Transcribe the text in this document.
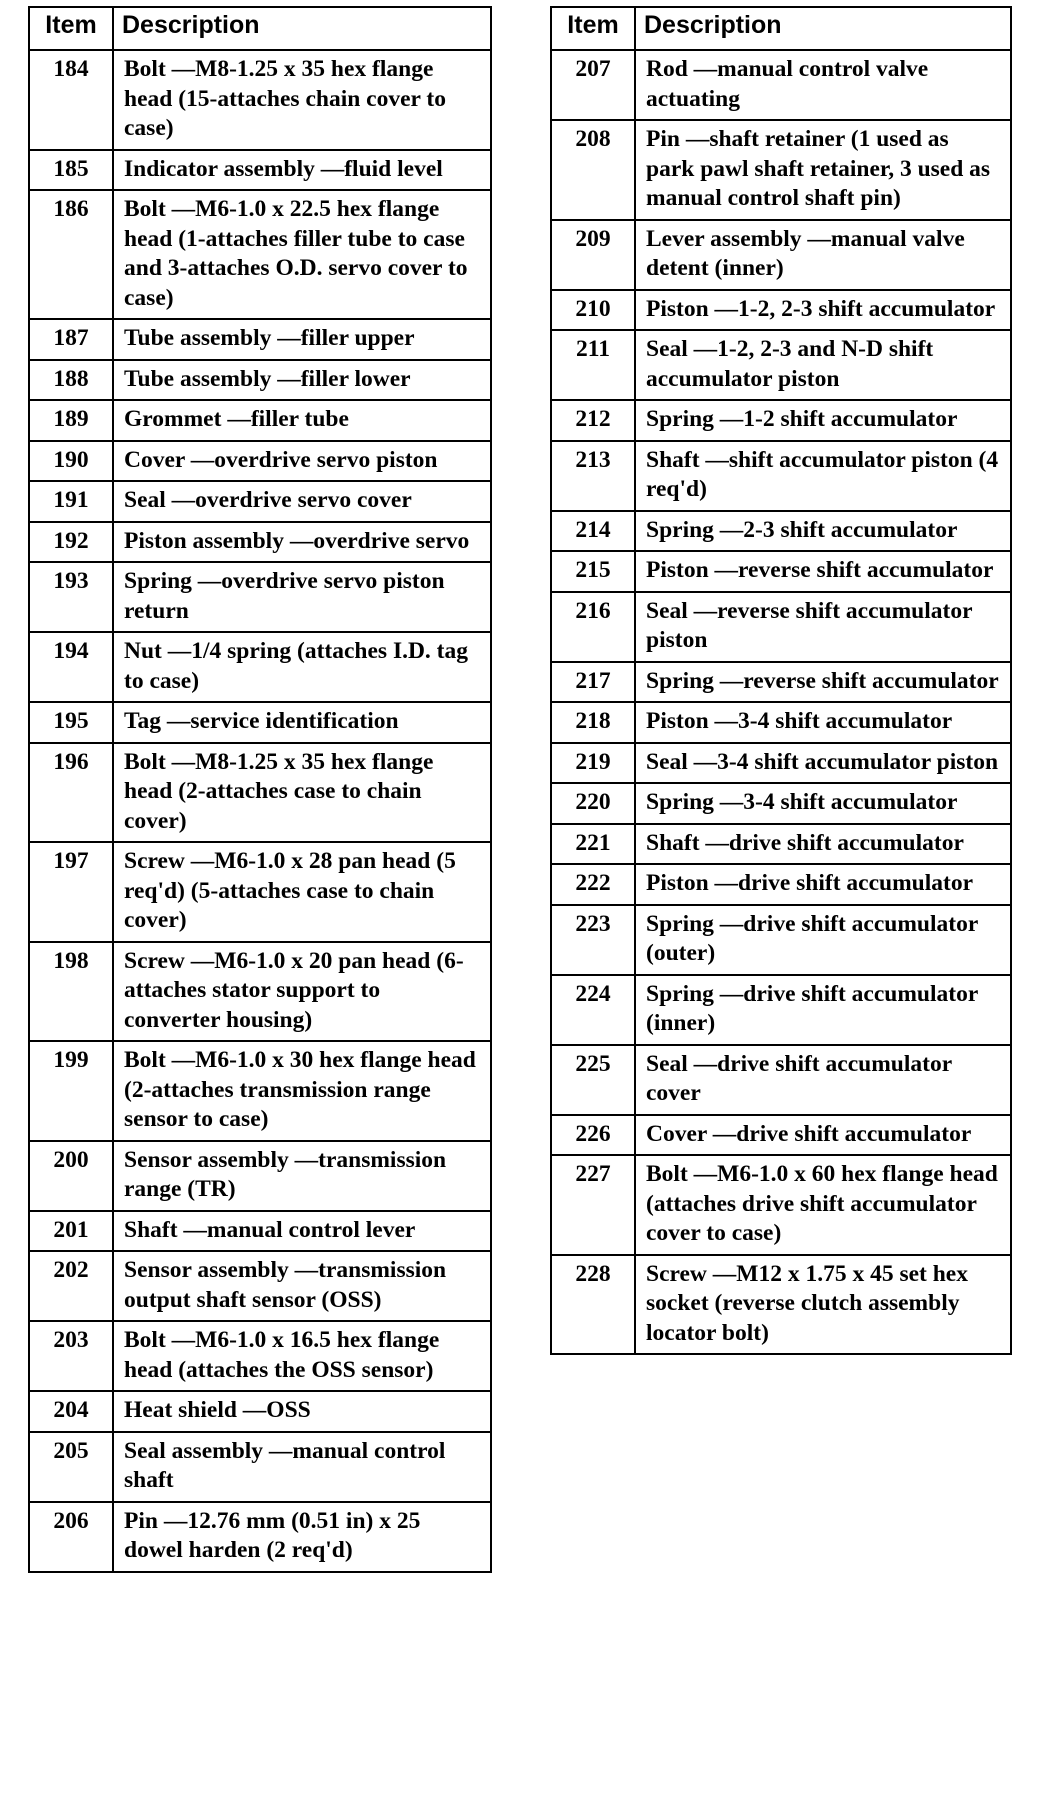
Item	Description
184	Bolt —M8-1.25 x 35 hex flange head (15-attaches chain cover to case)
185	Indicator assembly —fluid level
186	Bolt —M6-1.0 x 22.5 hex flange head (1-attaches filler tube to case and 3-attaches O.D. servo cover to case)
187	Tube assembly —filler upper
188	Tube assembly —filler lower
189	Grommet —filler tube
190	Cover —overdrive servo piston
191	Seal —overdrive servo cover
192	Piston assembly —overdrive servo
193	Spring —overdrive servo piston return
194	Nut —1/4 spring (attaches I.D. tag to case)
195	Tag —service identification
196	Bolt —M8-1.25 x 35 hex flange head (2-attaches case to chain cover)
197	Screw —M6-1.0 x 28 pan head (5 req'd) (5-attaches case to chain cover)
198	Screw —M6-1.0 x 20 pan head (6-attaches stator support to converter housing)
199	Bolt —M6-1.0 x 30 hex flange head (2-attaches transmission range sensor to case)
200	Sensor assembly —transmission range (TR)
201	Shaft —manual control lever
202	Sensor assembly —transmission output shaft sensor (OSS)
203	Bolt —M6-1.0 x 16.5 hex flange head (attaches the OSS sensor)
204	Heat shield —OSS
205	Seal assembly —manual control shaft
206	Pin —12.76 mm (0.51 in) x 25 dowel harden (2 req'd)
Item	Description
207	Rod —manual control valve actuating
208	Pin —shaft retainer (1 used as park pawl shaft retainer, 3 used as manual control shaft pin)
209	Lever assembly —manual valve detent (inner)
210	Piston —1-2, 2-3 shift accumulator
211	Seal —1-2, 2-3 and N-D shift accumulator piston
212	Spring —1-2 shift accumulator
213	Shaft —shift accumulator piston (4 req'd)
214	Spring —2-3 shift accumulator
215	Piston —reverse shift accumulator
216	Seal —reverse shift accumulator piston
217	Spring —reverse shift accumulator
218	Piston —3-4 shift accumulator
219	Seal —3-4 shift accumulator piston
220	Spring —3-4 shift accumulator
221	Shaft —drive shift accumulator
222	Piston —drive shift accumulator
223	Spring —drive shift accumulator (outer)
224	Spring —drive shift accumulator (inner)
225	Seal —drive shift accumulator cover
226	Cover —drive shift accumulator
227	Bolt —M6-1.0 x 60 hex flange head (attaches drive shift accumulator cover to case)
228	Screw —M12 x 1.75 x 45 set hex socket (reverse clutch assembly locator bolt)
